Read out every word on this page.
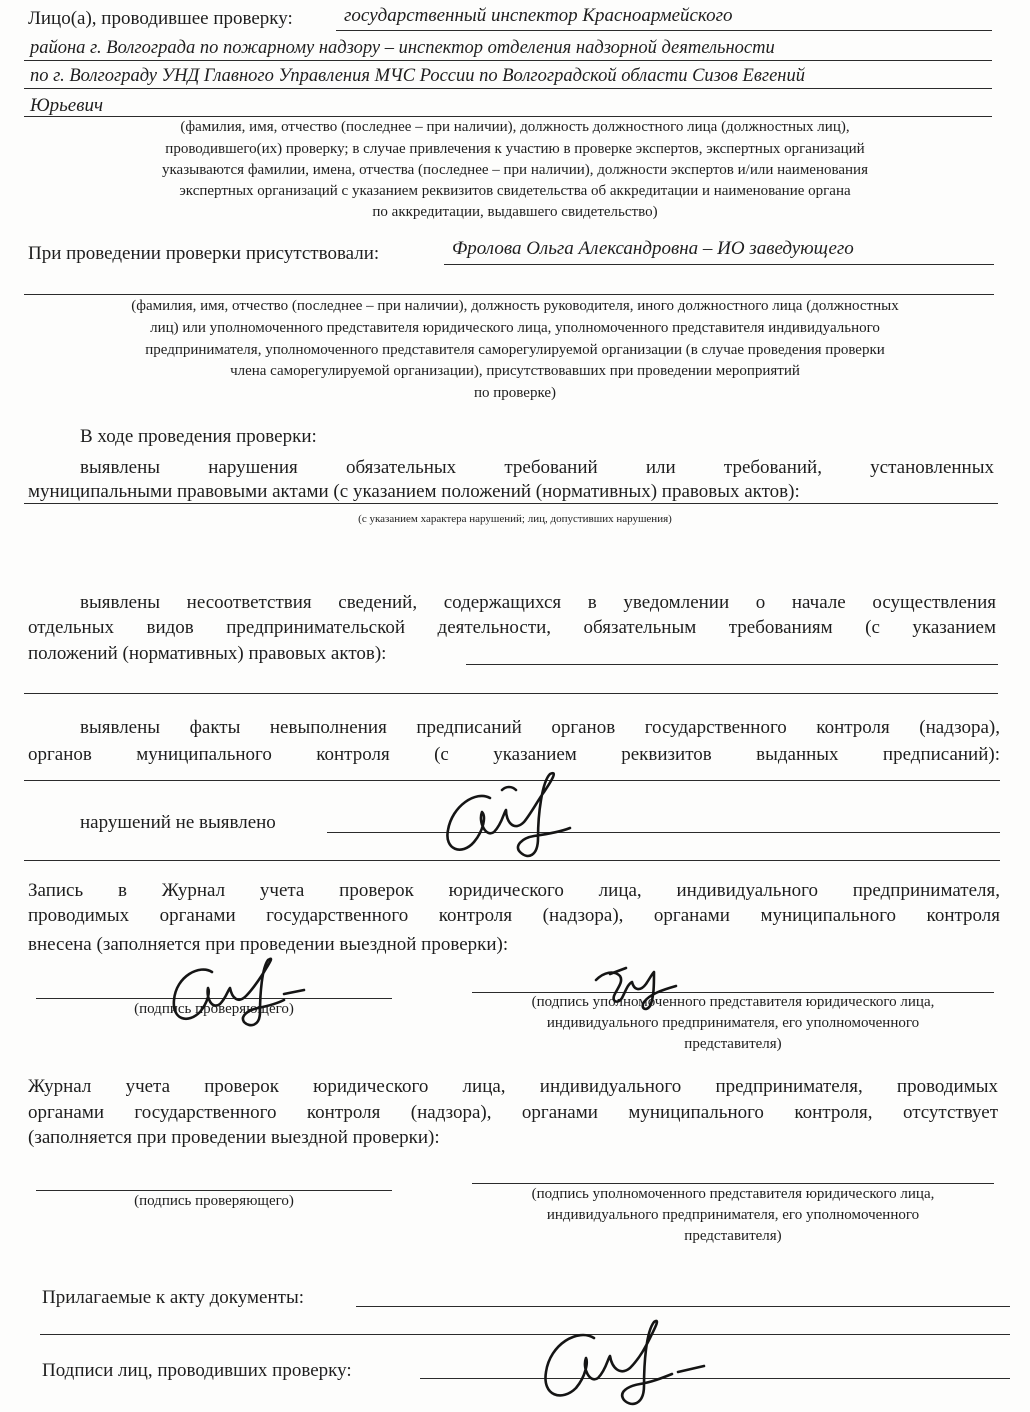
Лицо(а), проводившее проверку:	государственный инспектор Красноармейского
района г. Волгограда по пожарному надзору – инспектор отделения надзорной деятельности
по г. Волгограду УНД Главного Управления МЧС России по Волгоградской области Сизов Евгений
Юрьевич
(фамилия, имя, отчество (последнее – при наличии), должность должностного лица (должностных лиц),
проводившего(их) проверку; в случае привлечения к участию в проверке экспертов, экспертных организаций
указываются фамилии, имена, отчества (последнее – при наличии), должности экспертов и/или наименования
экспертных организаций с указанием реквизитов свидетельства об аккредитации и наименование органа
по аккредитации, выдавшего свидетельство)
При проведении проверки присутствовали:	Фролова Ольга Александровна – ИО заведующего
(фамилия, имя, отчество (последнее – при наличии), должность руководителя, иного должностного лица (должностных
лиц) или уполномоченного представителя юридического лица, уполномоченного представителя индивидуального
предпринимателя, уполномоченного представителя саморегулируемой организации (в случае проведения проверки
члена саморегулируемой организации), присутствовавших при проведении мероприятий
по проверке)
В ходе проведения проверки:
выявлены нарушения обязательных требований или требований, установленных
муниципальными правовыми актами (с указанием положений (нормативных) правовых актов):
(с указанием характера нарушений; лиц, допустивших нарушения)
выявлены несоответствия сведений, содержащихся в уведомлении о начале осуществления
отдельных видов предпринимательской деятельности, обязательным требованиям (с указанием
положений (нормативных) правовых актов):
выявлены факты невыполнения предписаний органов государственного контроля (надзора),
органов муниципального контроля (с указанием реквизитов выданных предписаний):
нарушений не выявлено
Запись в Журнал учета проверок юридического лица, индивидуального предпринимателя,
проводимых органами государственного контроля (надзора), органами муниципального контроля
внесена (заполняется при проведении выездной проверки):
(подпись проверяющего)	(подпись уполномоченного представителя юридического лица,
индивидуального предпринимателя, его уполномоченного
представителя)
Журнал учета проверок юридического лица, индивидуального предпринимателя, проводимых
органами государственного контроля (надзора), органами муниципального контроля, отсутствует
(заполняется при проведении выездной проверки):
(подпись проверяющего)	(подпись уполномоченного представителя юридического лица,
индивидуального предпринимателя, его уполномоченного
представителя)
Прилагаемые к акту документы:
Подписи лиц, проводивших проверку:
